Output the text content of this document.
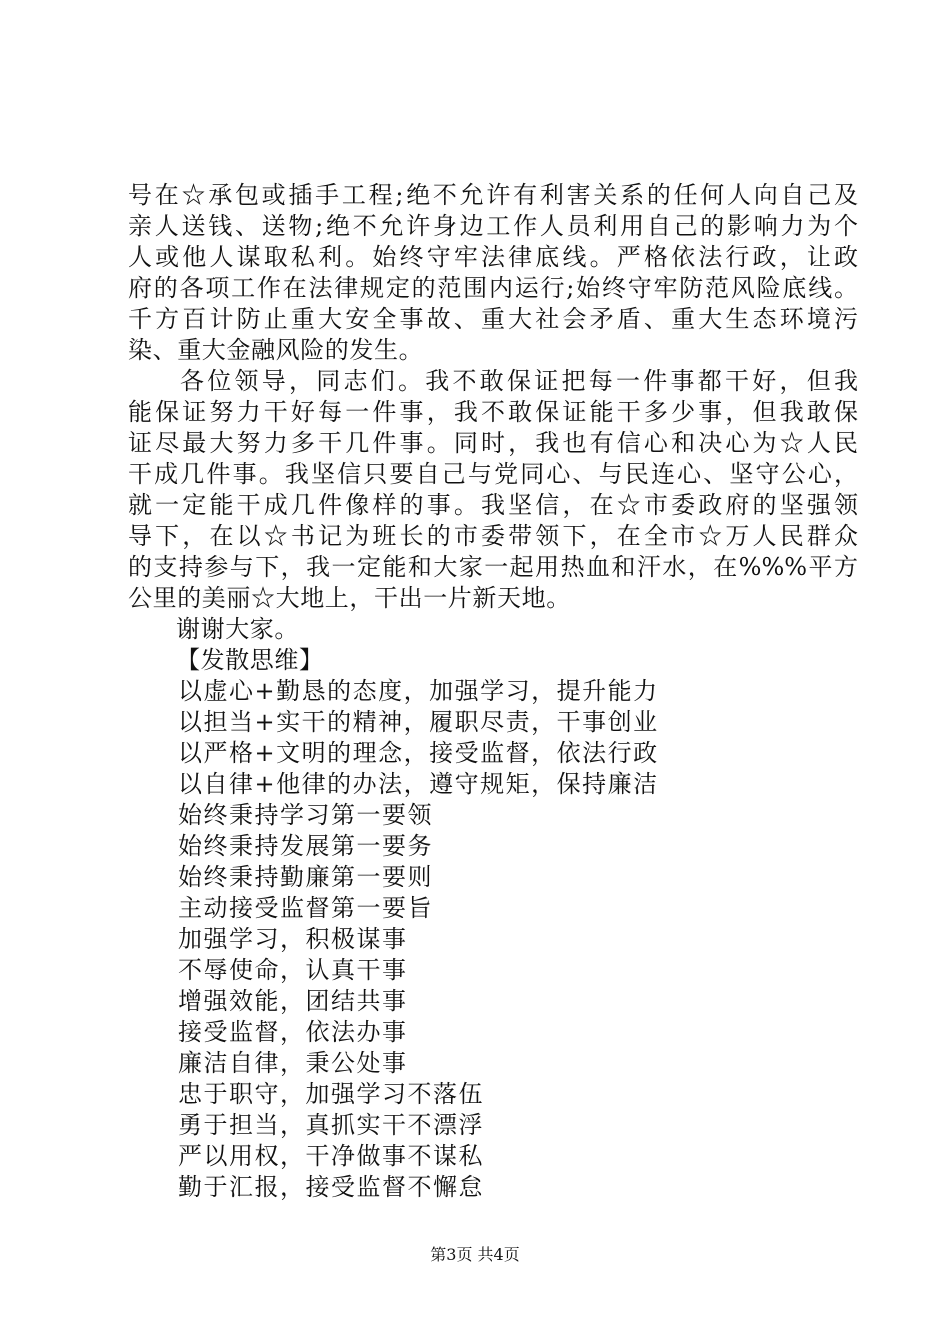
号在☆承包或插手工程;绝不允许有利害关系的任何人向自己及
亲人送钱、送物;绝不允许身边工作人员利用自己的影响力为个
人或他人谋取私利。始终守牢法律底线。严格依法行政，让政
府的各项工作在法律规定的范围内运行;始终守牢防范风险底线。
千方百计防止重大安全事故、重大社会矛盾、重大生态环境污
染、重大金融风险的发生。
各位领导，同志们。我不敢保证把每一件事都干好，但我
能保证努力干好每一件事，我不敢保证能干多少事，但我敢保
证尽最大努力多干几件事。同时，我也有信心和决心为☆人民
干成几件事。我坚信只要自己与党同心、与民连心、坚守公心，
就一定能干成几件像样的事。我坚信，在☆市委政府的坚强领
导下，在以☆书记为班长的市委带领下，在全市☆万人民群众
的支持参与下，我一定能和大家一起用热血和汗水，在%%%平方
公里的美丽☆大地上，干出一片新天地。
谢谢大家。
【发散思维】
以虚心+勤恳的态度，加强学习，提升能力
以担当+实干的精神，履职尽责，干事创业
以严格+文明的理念，接受监督，依法行政
以自律+他律的办法，遵守规矩，保持廉洁
始终秉持学习第一要领
始终秉持发展第一要务
始终秉持勤廉第一要则
主动接受监督第一要旨
加强学习，积极谋事
不辱使命，认真干事
增强效能，团结共事
接受监督，依法办事
廉洁自律，秉公处事
忠于职守，加强学习不落伍
勇于担当，真抓实干不漂浮
严以用权，干净做事不谋私
勤于汇报，接受监督不懈怠
第3页 共4页
